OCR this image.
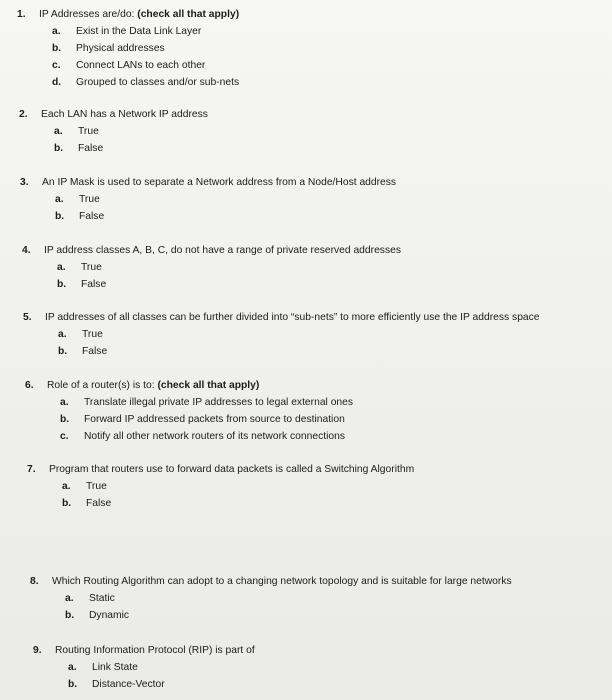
1. IP Addresses are/do: (check all that apply)
a. Exist in the Data Link Layer
b. Physical addresses
c. Connect LANs to each other
d. Grouped to classes and/or sub-nets
2. Each LAN has a Network IP address
a. True
b. False
3. An IP Mask is used to separate a Network address from a Node/Host address
a. True
b. False
4. IP address classes A, B, C, do not have a range of private reserved addresses
a. True
b. False
5. IP addresses of all classes can be further divided into “sub-nets” to more efficiently use the IP address space
a. True
b. False
6. Role of a router(s) is to: (check all that apply)
a. Translate illegal private IP addresses to legal external ones
b. Forward IP addressed packets from source to destination
c. Notify all other network routers of its network connections
7. Program that routers use to forward data packets is called a Switching Algorithm
a. True
b. False
8. Which Routing Algorithm can adopt to a changing network topology and is suitable for large networks
a. Static
b. Dynamic
9. Routing Information Protocol (RIP) is part of
a. Link State
b. Distance-Vector
